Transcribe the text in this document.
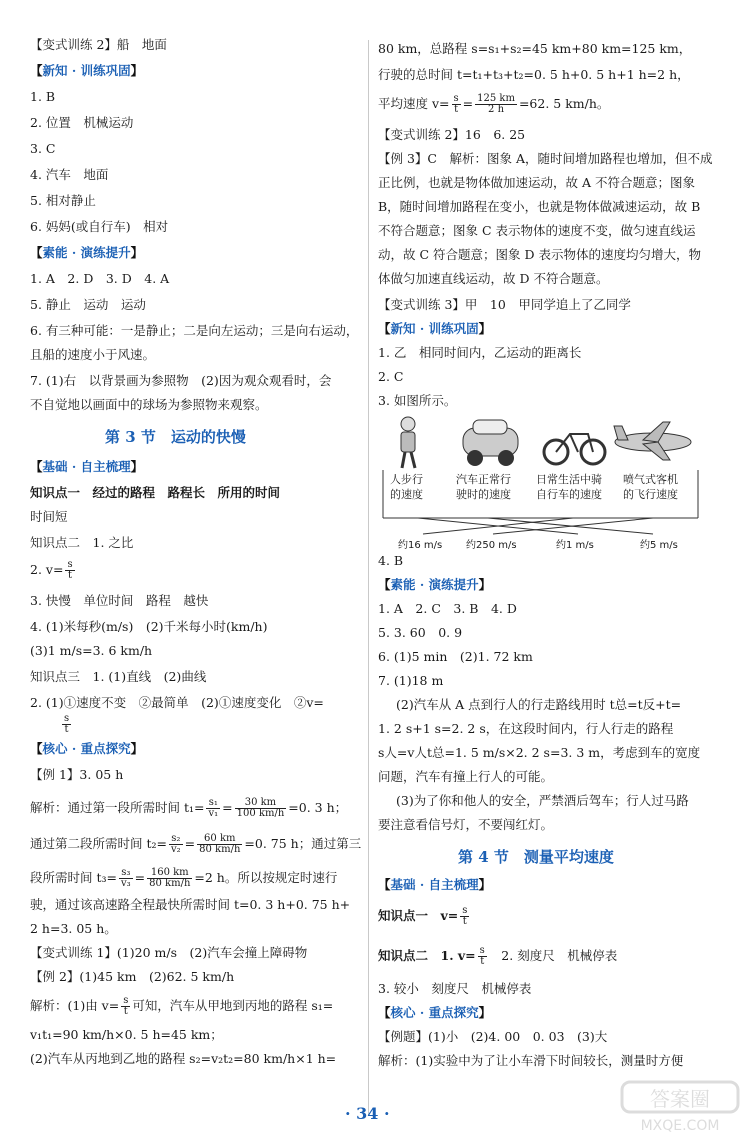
【变式训练 2】船　地面
【新知 · 训练巩固】
1. B
2. 位置　机械运动
3. C
4. 汽车　地面
5. 相对静止
6. 妈妈(或自行车)　相对
【素能 · 演练提升】
1. A　2. D　3. D　4. A
5. 静止　运动　运动
6. 有三种可能：一是静止；二是向左运动；三是向右运动，
且船的速度小于风速。
7. (1)右　以背景画为参照物　(2)因为观众观看时，会
不自觉地以画面中的球场为参照物来观察。
第 3 节　运动的快慢
【基础 · 自主梳理】
知识点一　经过的路程　路程长　所用的时间
时间短
知识点二　1. 之比
2. $v= \frac{s}{t}$
3. 快慢　单位时间　路程　越快
4. (1)米每秒(m/s)　(2)千米每小时(km/h)
(3)1 m/s=3. 6 km/h
知识点三　1. (1)直线　(2)曲线
2. (1)①速度不变　②最简单　(2)①速度变化　②v=
$\frac{s}{t}$
【核心 · 重点探究】
【例 1】3. 05 h
解析：通过第一段所需时间 $t_1= \frac{\text{s₁}}{\text{v₁}} = \frac{30 km}{100 km/h} =0$. 3 h；
通过第二段所需时间 $t_2= \frac{\text{s₂}}{\text{v₂}} = \frac{60 km}{80 km/h} =0$. 75 h；通过第三
段所需时间 $t_3= \frac{\text{s₃}}{\text{v₃}} = \frac{160 km}{80 km/h} =2$ h。所以按规定时速行
驶，通过该高速路全程最快所需时间 t=0. 3 h+0. 75 h+
2 h=3. 05 h。
【变式训练 1】(1)20 m/s　(2)汽车会撞上障碍物
【例 2】(1)45 km　(2)62. 5 km/h
解析：(1)由 $v= \frac{s}{t}$ 可知，汽车从甲地到丙地的路程 s₁=
v₁t₁=90 km/h×0. 5 h=45 km；
(2)汽车从丙地到乙地的路程 s₂=v₂t₂=80 km/h×1 h=
80 km，总路程 s=s₁+s₂=45 km+80 km=125 km，
行驶的总时间 t=t₁+t₃+t₂=0. 5 h+0. 5 h+1 h=2 h，
平均速度 $v= \frac{s}{t} = \frac{125 km}{2 h} =62$. 5 km/h。
【变式训练 2】16　6. 25
【例 3】C　解析：图象 A，随时间增加路程也增加，但不成
正比例，也就是物体做加速运动，故 A 不符合题意；图象
B，随时间增加路程在变小，也就是物体做减速运动，故 B
不符合题意；图象 C 表示物体的速度不变，做匀速直线运
动，故 C 符合题意；图象 D 表示物体的速度均匀增大，物
体做匀加速直线运动，故 D 不符合题意。
【变式训练 3】甲　10　甲同学追上了乙同学
【新知 · 训练巩固】
1. 乙　相同时间内，乙运动的距离长
2. C
3. 如图所示。
人步行
的速度
汽车正常行
驶时的速度
日常生活中骑
自行车的速度
喷气式客机
的飞行速度
约16 m/s 约250 m/s	约1 m/s	约5 m/s
4. B
【素能 · 演练提升】
1. A　2. C　3. B　4. D
5. 3. 60　0. 9
6. (1)5 min　(2)1. 72 km
7. (1)18 m
(2)汽车从 A 点到行人的行走路线用时 t总=t反+t=
1. 2 s+1 s=2. 2 s，在这段时间内，行人行走的路程
s人=v人t总=1. 5 m/s×2. 2 s=3. 3 m，考虑到车的宽度
问题，汽车有撞上行人的可能。
(3)为了你和他人的安全，严禁酒后驾车；行人过马路
要注意看信号灯，不要闯红灯。
第 4 节　测量平均速度
【基础 · 自主梳理】
知识点一　$v= \frac{s}{t}$
知识点二　1. $v= \frac{s}{t}$
　 2. 刻度尺　机械停表
3. 较小　刻度尺　机械停表
【核心 · 重点探究】
【例题】(1)小　(2)4. 00　0. 03　(3)大
解析：(1)实验中为了让小车滑下时间较长，测量时方便
· 34 ·
答案圈
MXQE.COM
